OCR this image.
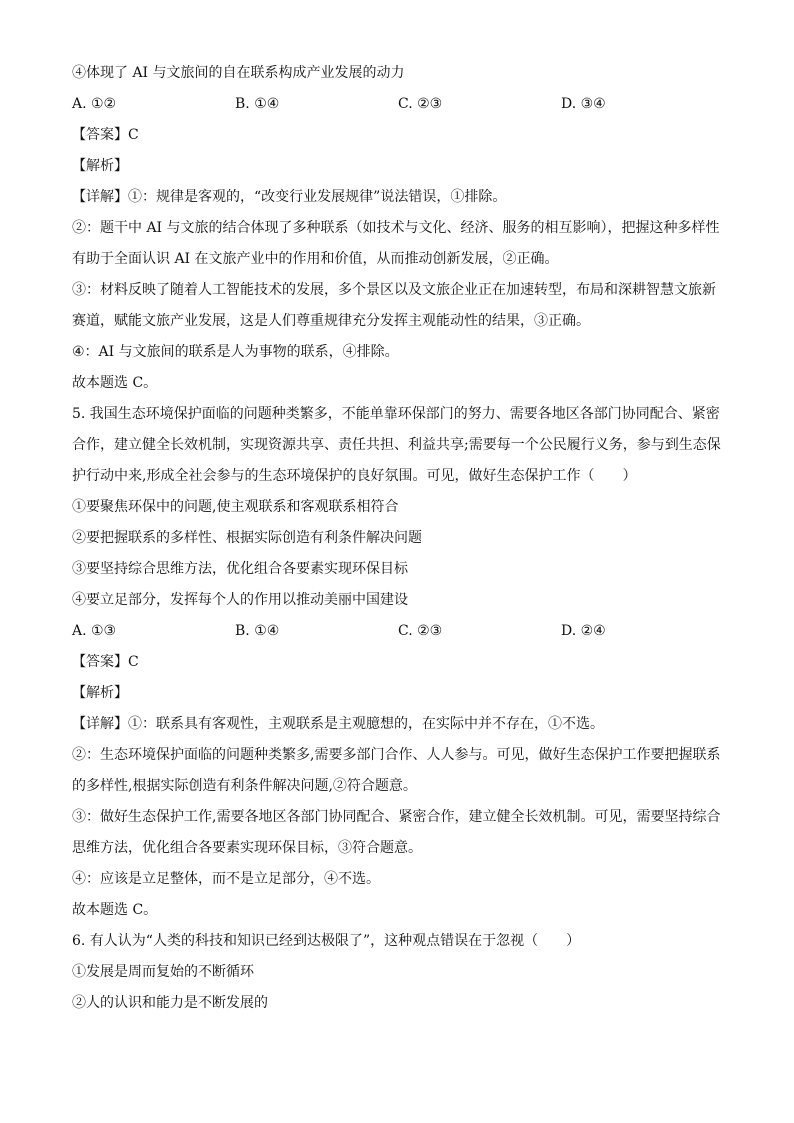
④体现了 AI 与文旅间的自在联系构成产业发展的动力
A. ①②	B. ①④	C. ②③	D. ③④
【答案】C
【解析】
【详解】①：规律是客观的，“改变行业发展规律”说法错误，①排除。
②：题干中 AI 与文旅的结合体现了多种联系（如技术与文化、经济、服务的相互影响），把握这种多样性
有助于全面认识 AI 在文旅产业中的作用和价值，从而推动创新发展，②正确。
③：材料反映了随着人工智能技术的发展，多个景区以及文旅企业正在加速转型，布局和深耕智慧文旅新
赛道，赋能文旅产业发展，这是人们尊重规律充分发挥主观能动性的结果，③正确。
④：AI 与文旅间的联系是人为事物的联系，④排除。
故本题选 C。
5. 我国生态环境保护面临的问题种类繁多，不能单靠环保部门的努力、需要各地区各部门协同配合、紧密
合作，建立健全长效机制，实现资源共享、责任共担、利益共享;需要每一个公民履行义务，参与到生态保
护行动中来,形成全社会参与的生态环境保护的良好氛围。可见，做好生态保护工作（　　）
①要聚焦环保中的问题,使主观联系和客观联系相符合
②要把握联系的多样性、根据实际创造有利条件解决问题
③要坚持综合思维方法，优化组合各要素实现环保目标
④要立足部分，发挥每个人的作用以推动美丽中国建设
A. ①③	B. ①④	C. ②③	D. ②④
【答案】C
【解析】
【详解】①：联系具有客观性，主观联系是主观臆想的，在实际中并不存在，①不选。
②：生态环境保护面临的问题种类繁多,需要多部门合作、人人参与。可见，做好生态保护工作要把握联系
的多样性,根据实际创造有利条件解决问题,②符合题意。
③：做好生态保护工作,需要各地区各部门协同配合、紧密合作，建立健全长效机制。可见，需要坚持综合
思维方法，优化组合各要素实现环保目标，③符合题意。
④：应该是立足整体，而不是立足部分，④不选。
故本题选 C。
6. 有人认为“人类的科技和知识已经到达极限了”，这种观点错误在于忽视（　　）
①发展是周而复始的不断循环
②人的认识和能力是不断发展的
